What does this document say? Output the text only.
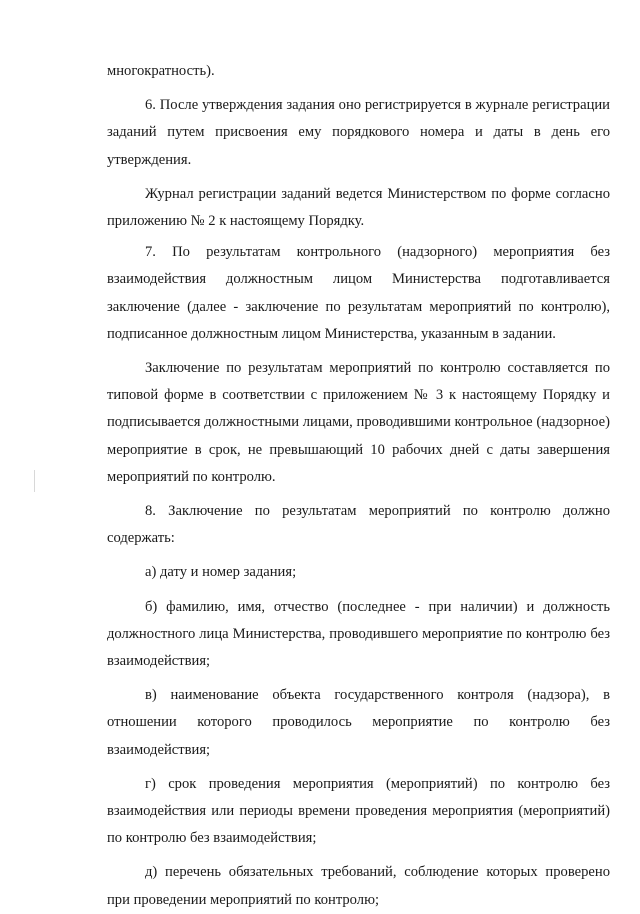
многократность).

6. После утверждения задания оно регистрируется в журнале регистрации заданий путем присвоения ему порядкового номера и даты в день его утверждения.

Журнал регистрации заданий ведется Министерством по форме согласно приложению № 2 к настоящему Порядку.

7. По результатам контрольного (надзорного) мероприятия без взаимодействия должностным лицом Министерства подготавливается заключение (далее - заключение по результатам мероприятий по контролю), подписанное должностным лицом Министерства, указанным в задании.

Заключение по результатам мероприятий по контролю составляется по типовой форме в соответствии с приложением № 3 к настоящему Порядку и подписывается должностными лицами, проводившими контрольное (надзорное) мероприятие в срок, не превышающий 10 рабочих дней с даты завершения мероприятий по контролю.

8. Заключение по результатам мероприятий по контролю должно содержать:

а) дату и номер задания;

б) фамилию, имя, отчество (последнее - при наличии) и должность должностного лица Министерства, проводившего мероприятие по контролю без взаимодействия;

в) наименование объекта государственного контроля (надзора), в отношении которого проводилось мероприятие по контролю без взаимодействия;

г) срок проведения мероприятия (мероприятий) по контролю без взаимодействия или периоды времени проведения мероприятия (мероприятий) по контролю без взаимодействия;

д) перечень обязательных требований, соблюдение которых проверено при проведении мероприятий по контролю;
